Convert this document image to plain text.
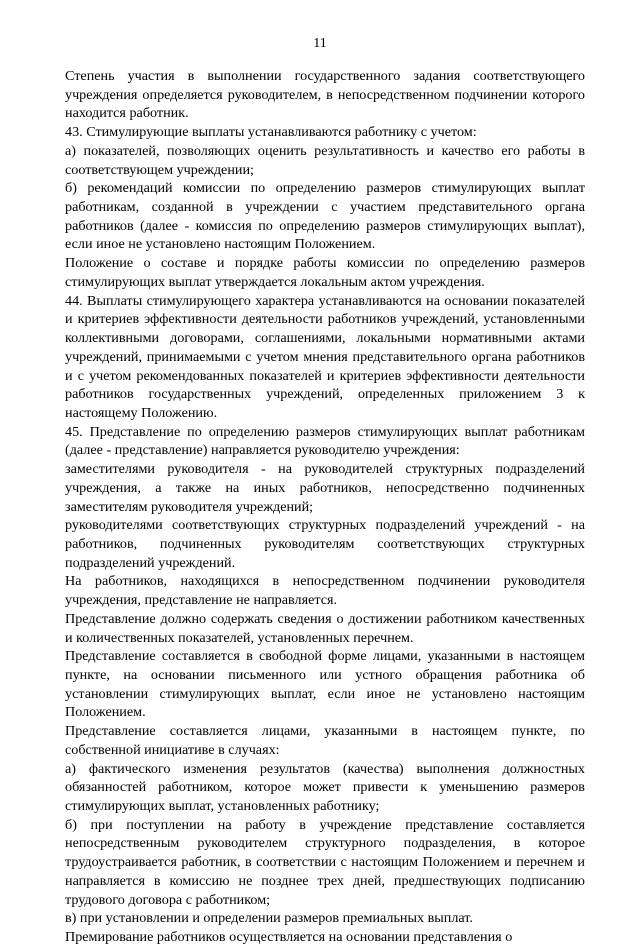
11

Степень участия в выполнении государственного задания соответствующего учреждения определяется руководителем, в непосредственном подчинении которого находится работник.

43. Стимулирующие выплаты устанавливаются работнику с учетом:

а) показателей, позволяющих оценить результативность и качество его работы в соответствующем учреждении;

б) рекомендаций комиссии по определению размеров стимулирующих выплат работникам, созданной в учреждении с участием представительного органа работников (далее - комиссия по определению размеров стимулирующих выплат), если иное не установлено настоящим Положением.

Положение о составе и порядке работы комиссии по определению размеров стимулирующих выплат утверждается локальным актом учреждения.

44. Выплаты стимулирующего характера устанавливаются на основании показателей и критериев эффективности деятельности работников учреждений, установленными коллективными договорами, соглашениями, локальными нормативными актами учреждений, принимаемыми с учетом мнения представительного органа работников и с учетом рекомендованных показателей и критериев эффективности деятельности работников государственных учреждений, определенных приложением 3 к настоящему Положению.

45. Представление по определению размеров стимулирующих выплат работникам (далее - представление) направляется руководителю учреждения:

заместителями руководителя - на руководителей структурных подразделений учреждения, а также на иных работников, непосредственно подчиненных заместителям руководителя учреждений;

руководителями соответствующих структурных подразделений учреждений - на работников, подчиненных руководителям соответствующих структурных подразделений учреждений.

На работников, находящихся в непосредственном подчинении руководителя учреждения, представление не направляется.

Представление должно содержать сведения о достижении работником качественных и количественных показателей, установленных перечнем.

Представление составляется в свободной форме лицами, указанными в настоящем пункте, на основании письменного или устного обращения работника об установлении стимулирующих выплат, если иное не установлено настоящим Положением.

Представление составляется лицами, указанными в настоящем пункте, по собственной инициативе в случаях:

а) фактического изменения результатов (качества) выполнения должностных обязанностей работником, которое может привести к уменьшению размеров стимулирующих выплат, установленных работнику;

б) при поступлении на работу в учреждение представление составляется непосредственным руководителем структурного подразделения, в которое трудоустраивается работник, в соответствии с настоящим Положением и перечнем и направляется в комиссию не позднее трех дней, предшествующих подписанию трудового договора с работником;

в) при установлении и определении размеров премиальных выплат.

Премирование работников осуществляется на основании представления о
